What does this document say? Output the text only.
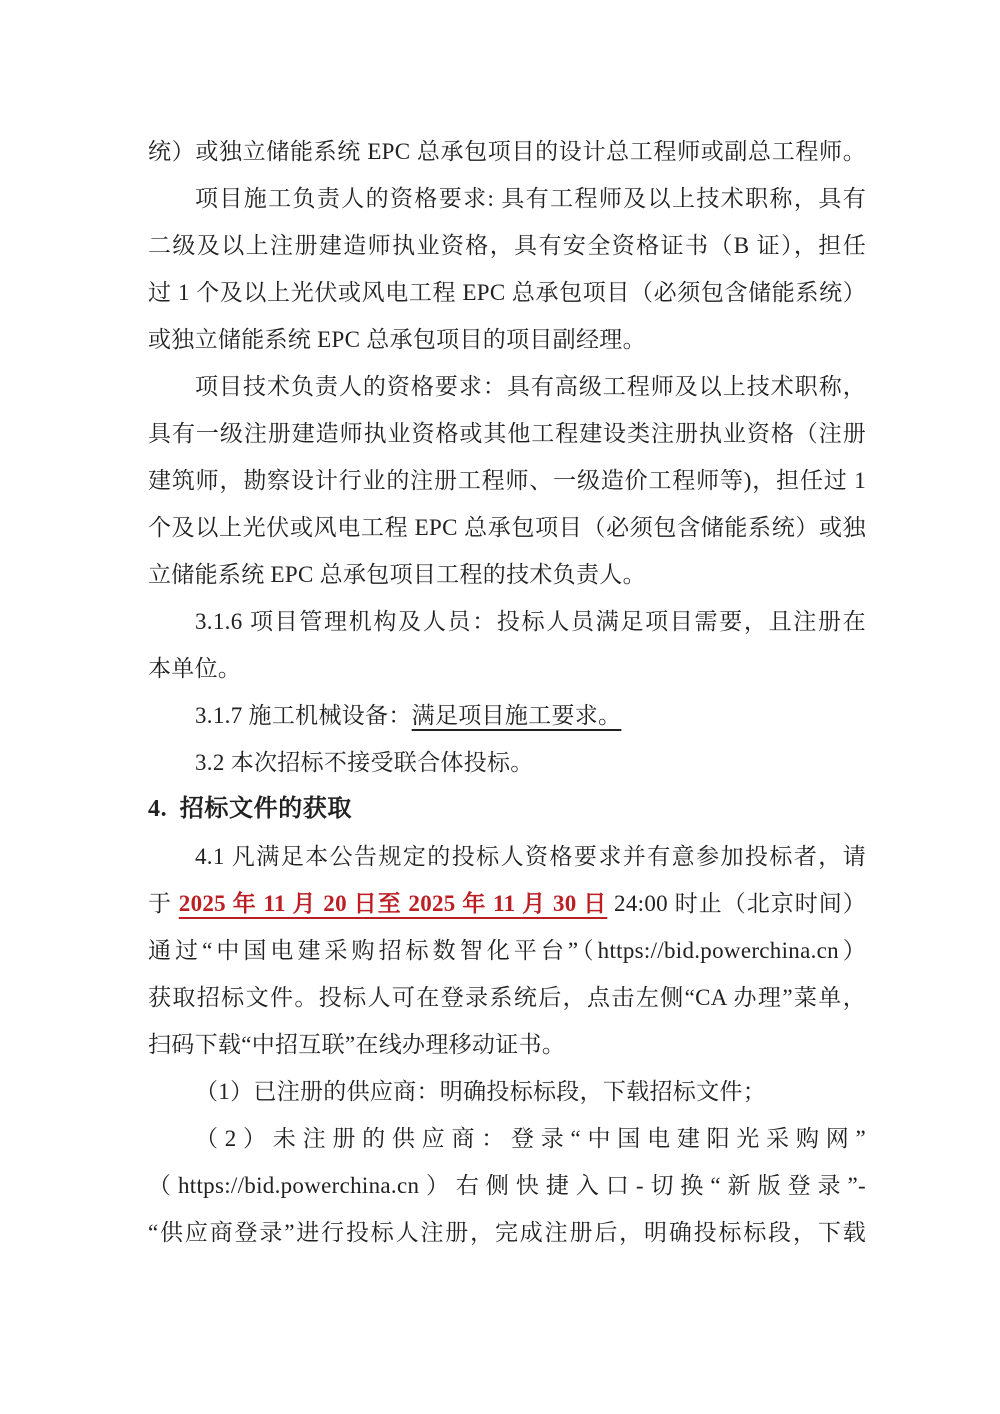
统）或独立储能系统 EPC 总承包项目的设计总工程师或副总工程师。
项目施工负责人的资格要求: 具有工程师及以上技术职称，具有
二级及以上注册建造师执业资格，具有安全资格证书（B 证），担任
过 1 个及以上光伏或风电工程 EPC 总承包项目（必须包含储能系统）
或独立储能系统 EPC 总承包项目的项目副经理。
项目技术负责人的资格要求：具有高级工程师及以上技术职称，
具有一级注册建造师执业资格或其他工程建设类注册执业资格（注册
建筑师，勘察设计行业的注册工程师、一级造价工程师等)，担任过 1
个及以上光伏或风电工程 EPC 总承包项目（必须包含储能系统）或独
立储能系统 EPC 总承包项目工程的技术负责人。
3.1.6 项目管理机构及人员：投标人员满足项目需要，且注册在
本单位。
3.1.7 施工机械设备：满足项目施工要求。
3.2 本次招标不接受联合体投标。
4. 招标文件的获取
4.1 凡满足本公告规定的投标人资格要求并有意参加投标者，请
于 2025 年 11 月 20 日至 2025 年 11 月 30 日 24:00 时止（北京时间）
通过“中国电建采购招标数智化平台”（https://bid.powerchina.cn）
获取招标文件。投标人可在登录系统后，点击左侧“CA 办理”菜单，
扫码下载“中招互联”在线办理移动证书。
（1）已注册的供应商：明确投标标段，下载招标文件；
（2）未注册的供应商：登录“中国电建阳光采购网”
（https://bid.powerchina.cn）右侧快捷入口-切换“新版登录”-
“供应商登录”进行投标人注册，完成注册后，明确投标标段，下载
